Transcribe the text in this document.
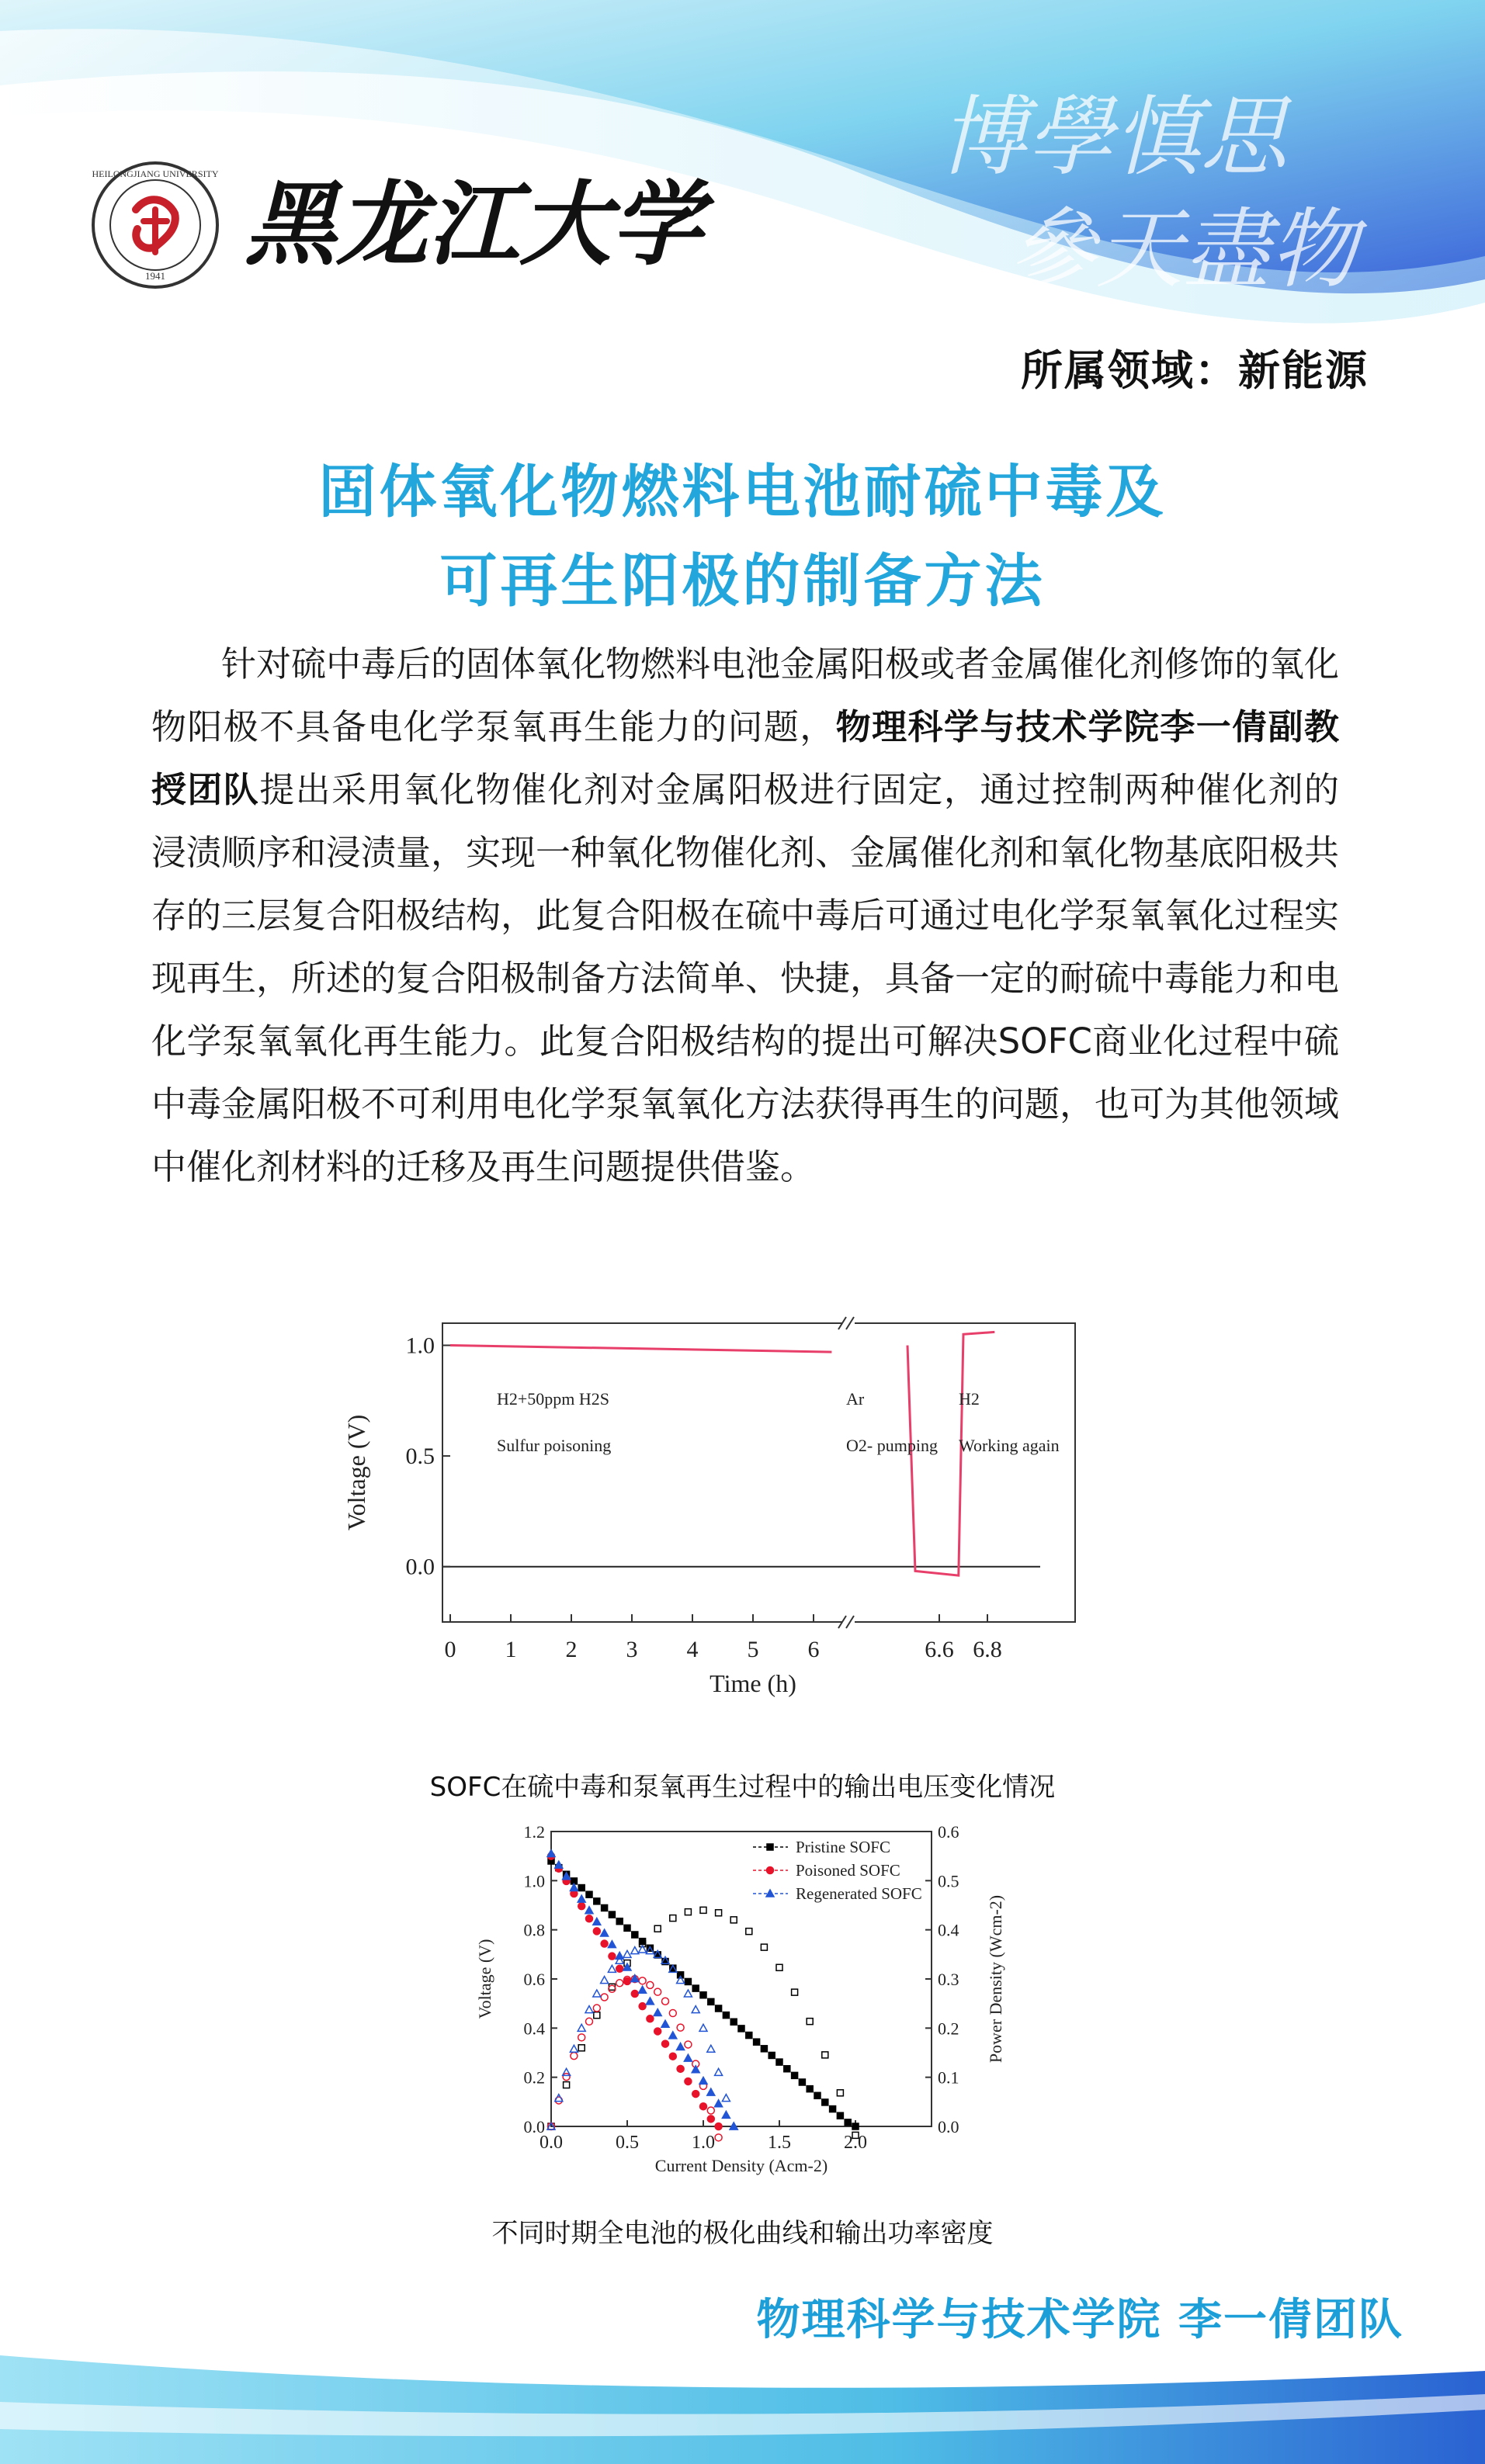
1941
HEILONGJIANG UNIVERSITY
黑龙江大学
博學慎思
參天盡物
所属领域：新能源
固体氧化物燃料电池耐硫中毒及
可再生阳极的制备方法

针对硫中毒后的固体氧化物燃料电池金属阳极或者金属催化剂修饰的氧化物阳极不具备电化学泵氧再生能力的问题，物理科学与技术学院李一倩副教授团队提出采用氧化物催化剂对金属阳极进行固定，通过控制两种催化剂的浸渍顺序和浸渍量，实现一种氧化物催化剂、金属催化剂和氧化物基底阳极共存的三层复合阳极结构，此复合阳极在硫中毒后可通过电化学泵氧氧化过程实现再生，所述的复合阳极制备方法简单、快捷，具备一定的耐硫中毒能力和电化学泵氧氧化再生能力。此复合阳极结构的提出可解决SOFC商业化过程中硫中毒金属阳极不可利用电化学泵氧氧化方法获得再生的问题，也可为其他领域中催化剂材料的迁移及再生问题提供借鉴。

0.0
0.5
1.0
0 1 2 3 4 5 6	6.6 6.8
Time (h)
Voltage (V)
H2+50ppm H2S
Sulfur poisoning
Ar
O2- pumping
H2
Working again
SOFC在硫中毒和泵氧再生过程中的输出电压变化情况
0.0
0.2
0.4
0.6
0.8
1.0
1.2
0.0
0.1
0.2
0.3
0.4
0.5
0.6
0.0	0.5	1.0	1.5	2.0
Current Density (Acm-2)
Voltage (V)	Power Density (Wcm-2)
Pristine SOFC
Poisoned SOFC
Regenerated SOFC
不同时期全电池的极化曲线和输出功率密度
物理科学与技术学院 李一倩团队
